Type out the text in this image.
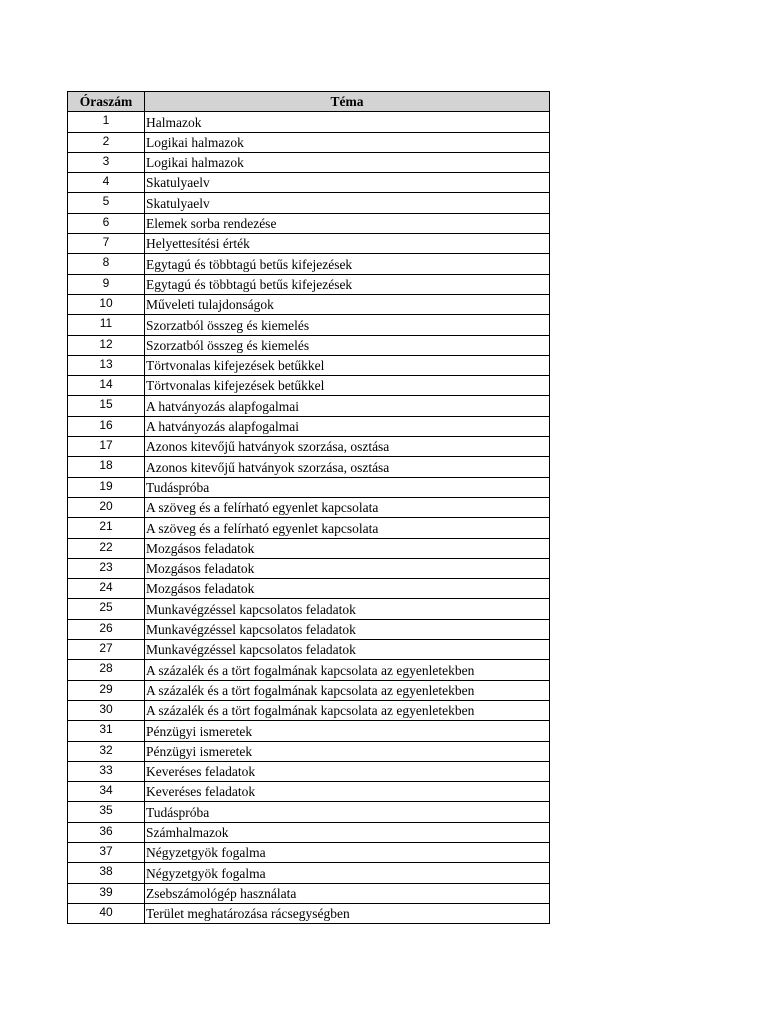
Óraszám	Téma
1	Halmazok
2	Logikai halmazok
3	Logikai halmazok
4	Skatulyaelv
5	Skatulyaelv
6	Elemek sorba rendezése
7	Helyettesítési érték
8	Egytagú és többtagú betűs kifejezések
9	Egytagú és többtagú betűs kifejezések
10	Műveleti tulajdonságok
11	Szorzatból összeg és kiemelés
12	Szorzatból összeg és kiemelés
13	Törtvonalas kifejezések betűkkel
14	Törtvonalas kifejezések betűkkel
15	A hatványozás alapfogalmai
16	A hatványozás alapfogalmai
17	Azonos kitevőjű hatványok szorzása, osztása
18	Azonos kitevőjű hatványok szorzása, osztása
19	Tudáspróba
20	A szöveg és a felírható egyenlet kapcsolata
21	A szöveg és a felírható egyenlet kapcsolata
22	Mozgásos feladatok
23	Mozgásos feladatok
24	Mozgásos feladatok
25	Munkavégzéssel kapcsolatos feladatok
26	Munkavégzéssel kapcsolatos feladatok
27	Munkavégzéssel kapcsolatos feladatok
28	A százalék és a tört fogalmának kapcsolata az egyenletekben
29	A százalék és a tört fogalmának kapcsolata az egyenletekben
30	A százalék és a tört fogalmának kapcsolata az egyenletekben
31	Pénzügyi ismeretek
32	Pénzügyi ismeretek
33	Keveréses feladatok
34	Keveréses feladatok
35	Tudáspróba
36	Számhalmazok
37	Négyzetgyök fogalma
38	Négyzetgyök fogalma
39	Zsebszámológép használata
40	Terület meghatározása rácsegységben
